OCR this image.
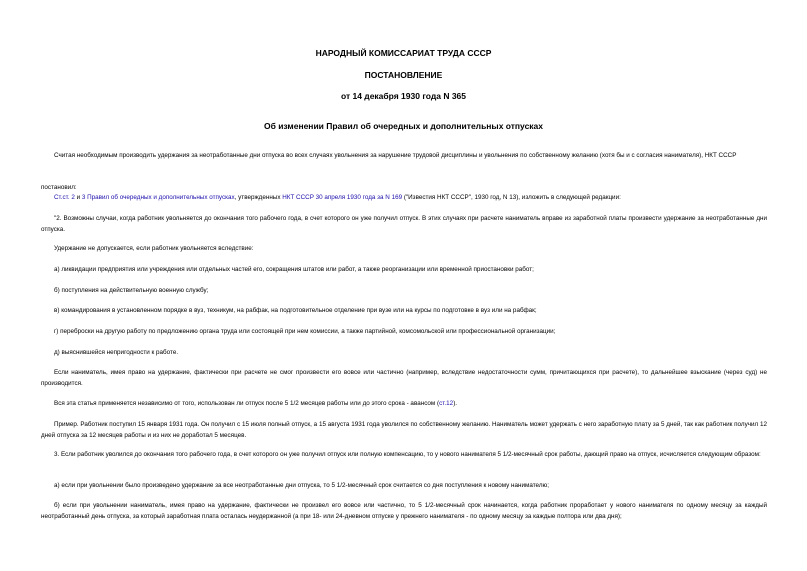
НАРОДНЫЙ КОМИССАРИАТ ТРУДА СССР
ПОСТАНОВЛЕНИЕ
от 14 декабря 1930 года N 365
Об изменении Правил об очередных и дополнительных отпусках
Считая необходимым производить удержания за неотработанные дни отпуска во всех случаях увольнения за нарушение трудовой дисциплины и увольнения по собственному желанию (хотя бы и с согласия нанимателя), НКТ СССР
постановил:
Ст.ст. 2 и 3 Правил об очередных и дополнительных отпусках, утвержденных НКТ СССР 30 апреля 1930 года за N 169 ("Известия НКТ СССР", 1930 год, N 13), изложить в следующей редакции:
"2. Возможны случаи, когда работник увольняется до окончания того рабочего года, в счет которого он уже получил отпуск. В этих случаях при расчете наниматель вправе из заработной платы произвести удержание за неотработанные дни отпуска.
Удержание не допускается, если работник увольняется вследствие:
а) ликвидации предприятия или учреждения или отдельных частей его, сокращения штатов или работ, а также реорганизации или временной приостановки работ;
б) поступления на действительную военную службу;
в) командирования в установленном порядке в вуз, техникум, на рабфак, на подготовительное отделение при вузе или на курсы по подготовке в вуз или на рабфак;
г) переброски на другую работу по предложению органа труда или состоящей при нем комиссии, а также партийной, комсомольской или профессиональной организации;
д) выяснившейся непригодности к работе.
Если наниматель, имея право на удержание, фактически при расчете не смог произвести его вовсе или частично (например, вследствие недостаточности сумм, причитающихся при расчете), то дальнейшее взыскание (через суд) не производится.
Вся эта статья применяется независимо от того, использован ли отпуск после 5 1/2 месяцев работы или до этого срока - авансом (ст.12).
Пример. Работник поступил 15 января 1931 года. Он получил с 15 июля полный отпуск, а 15 августа 1931 года уволился по собственному желанию. Наниматель может удержать с него заработную плату за 5 дней, так как работник получил 12 дней отпуска за 12 месяцев работы и из них не доработал 5 месяцев.
3. Если работник уволился до окончания того рабочего года, в счет которого он уже получил отпуск или полную компенсацию, то у нового нанимателя 5 1/2-месячный срок работы, дающий право на отпуск, исчисляется следующим образом:
а) если при увольнении было произведено удержание за все неотработанные дни отпуска, то 5 1/2-месячный срок считается со дня поступления к новому нанимателю;
б) если при увольнении наниматель, имея право на удержание, фактически не произвел его вовсе или частично, то 5 1/2-месячный срок начинается, когда работник проработает у нового нанимателя по одному месяцу за каждый неотработанный день отпуска, за который заработная плата осталась неудержанной (а при 18- или 24-дневном отпуске у прежнего нанимателя - по одному месяцу за каждые полтора или два дня);
